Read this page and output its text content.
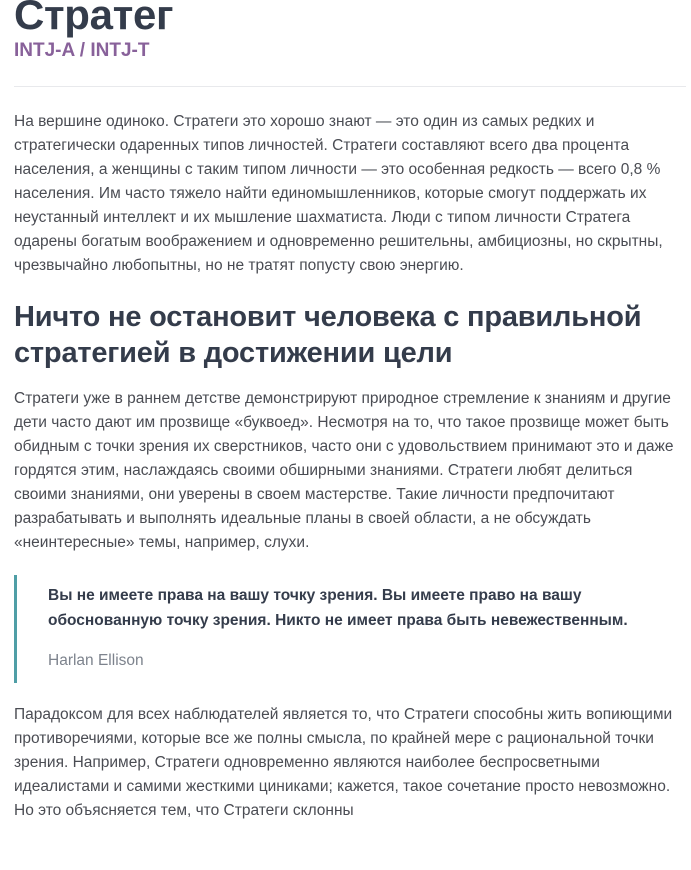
Стратег
INTJ-A / INTJ-T

На вершине одиноко. Стратеги это хорошо знают — это один из самых редких и стратегически одаренных типов личностей. Стратеги составляют всего два процента населения, а женщины с таким типом личности — это особенная редкость — всего 0,8 % населения. Им часто тяжело найти единомышленников, которые смогут поддержать их неустанный интеллект и их мышление шахматиста. Люди с типом личности Стратега одарены богатым воображением и одновременно решительны, амбициозны, но скрытны, чрезвычайно любопытны, но не тратят попусту свою энергию.

Ничто не остановит человека с правильной стратегией в достижении цели

Стратеги уже в раннем детстве демонстрируют природное стремление к знаниям и другие дети часто дают им прозвище «буквоед». Несмотря на то, что такое прозвище может быть обидным с точки зрения их сверстников, часто они с удовольствием принимают это и даже гордятся этим, наслаждаясь своими обширными знаниями. Стратеги любят делиться своими знаниями, они уверены в своем мастерстве. Такие личности предпочитают разрабатывать и выполнять идеальные планы в своей области, а не обсуждать «неинтересные» темы, например, слухи.

Вы не имеете права на вашу точку зрения. Вы имеете право на вашу обоснованную точку зрения. Никто не имеет права быть невежественным.

Harlan Ellison

Парадоксом для всех наблюдателей является то, что Стратеги способны жить вопиющими противоречиями, которые все же полны смысла, по крайней мере с рациональной точки зрения. Например, Стратеги одновременно являются наиболее беспросветными идеалистами и самими жесткими циниками; кажется, такое сочетание просто невозможно. Но это объясняется тем, что Стратеги склонны
